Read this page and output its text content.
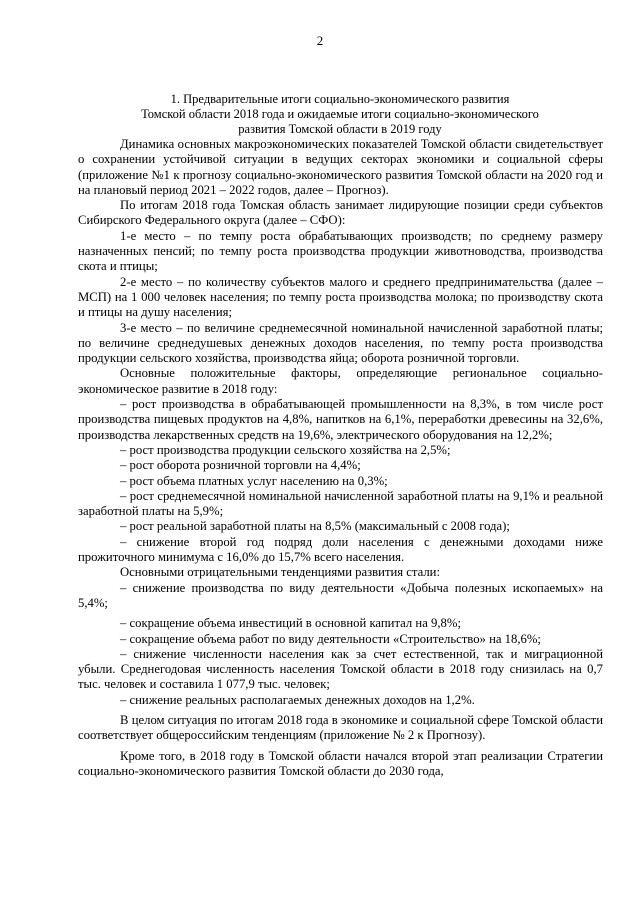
2
1. Предварительные итоги социально-экономического развития
Томской области 2018 года и ожидаемые итоги социально-экономического
развития Томской области в 2019 году

Динамика основных макроэкономических показателей Томской области свидетельствует о сохранении устойчивой ситуации в ведущих секторах экономики и социальной сферы (приложение №1 к прогнозу социально-экономического развития Томской области на 2020 год и на плановый период 2021 – 2022 годов, далее – Прогноз).

По итогам 2018 года Томская область занимает лидирующие позиции среди субъектов Сибирского Федерального округа (далее – СФО):

1-е место – по темпу роста обрабатывающих производств; по среднему размеру назначенных пенсий; по темпу роста производства продукции животноводства, производства скота и птицы;

2-е место – по количеству субъектов малого и среднего предпринимательства (далее – МСП) на 1 000 человек населения; по темпу роста производства молока; по производству скота и птицы на душу населения;

3-е место – по величине среднемесячной номинальной начисленной заработной платы; по величине среднедушевых денежных доходов населения, по темпу роста производства продукции сельского хозяйства, производства яйца; оборота розничной торговли.

Основные положительные факторы, определяющие региональное социально-экономическое развитие в 2018 году:

– рост производства в обрабатывающей промышленности на 8,3%, в том числе рост производства пищевых продуктов на 4,8%, напитков на 6,1%, переработки древесины на 32,6%, производства лекарственных средств на 19,6%, электрического оборудования на 12,2%;

– рост производства продукции сельского хозяйства на 2,5%;

– рост оборота розничной торговли на 4,4%;

– рост объема платных услуг населению на 0,3%;

– рост среднемесячной номинальной начисленной заработной платы на 9,1% и реальной заработной платы на 5,9%;

– рост реальной заработной платы на 8,5% (максимальный с 2008 года);

– снижение второй год подряд доли населения с денежными доходами ниже прожиточного минимума с 16,0% до 15,7% всего населения.

Основными отрицательными тенденциями развития стали:

– снижение производства по виду деятельности «Добыча полезных ископаемых» на 5,4%;

– сокращение объема инвестиций в основной капитал на 9,8%;

– сокращение объема работ по виду деятельности «Строительство» на 18,6%;

– снижение численности населения как за счет естественной, так и миграционной убыли. Среднегодовая численность населения Томской области в 2018 году снизилась на 0,7 тыс. человек и составила 1 077,9 тыс. человек;

– снижение реальных располагаемых денежных доходов на 1,2%.

В целом ситуация по итогам 2018 года в экономике и социальной сфере Томской области соответствует общероссийским тенденциям (приложение № 2 к Прогнозу).

Кроме того, в 2018 году в Томской области начался второй этап реализации Стратегии социально-экономического развития Томской области до 2030 года,
